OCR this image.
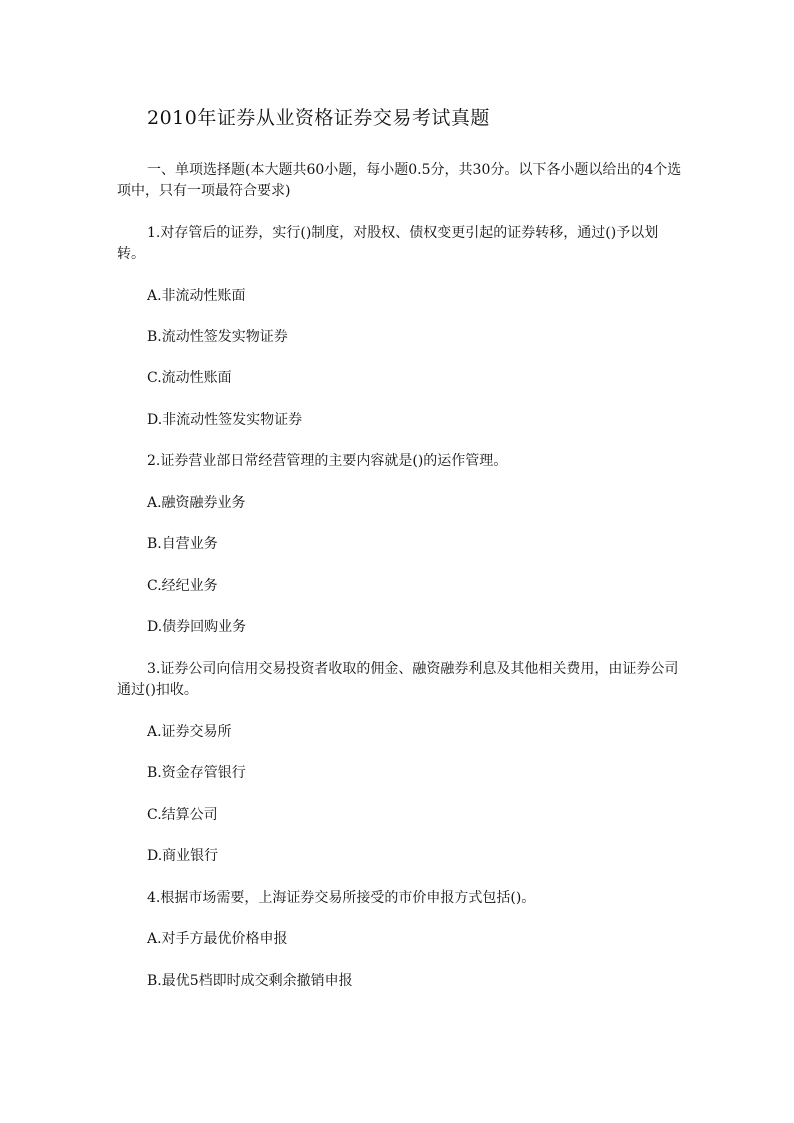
2010年证券从业资格证券交易考试真题
一、单项选择题(本大题共60小题，每小题0.5分，共30分。以下各小题以给出的4个选项中，只有一项最符合要求)
1.对存管后的证券，实行()制度，对股权、债权变更引起的证券转移，通过()予以划转。
A.非流动性账面
B.流动性签发实物证券
C.流动性账面
D.非流动性签发实物证券
2.证券营业部日常经营管理的主要内容就是()的运作管理。
A.融资融券业务
B.自营业务
C.经纪业务
D.债券回购业务
3.证券公司向信用交易投资者收取的佣金、融资融券利息及其他相关费用，由证券公司通过()扣收。
A.证券交易所
B.资金存管银行
C.结算公司
D.商业银行
4.根据市场需要，上海证券交易所接受的市价申报方式包括()。
A.对手方最优价格申报
B.最优5档即时成交剩余撤销申报
